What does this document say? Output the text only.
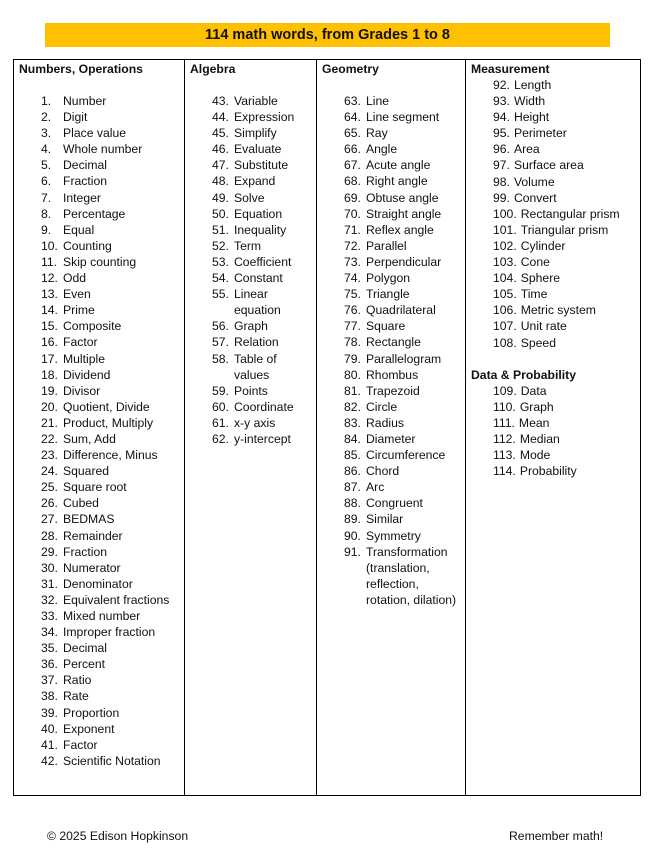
114 math words, from Grades 1 to 8
Numbers, Operations
1. Number
2. Digit
3. Place value
4. Whole number
5. Decimal
6. Fraction
7. Integer
8. Percentage
9. Equal
10. Counting
11. Skip counting
12. Odd
13. Even
14. Prime
15. Composite
16. Factor
17. Multiple
18. Dividend
19. Divisor
20. Quotient, Divide
21. Product, Multiply
22. Sum, Add
23. Difference, Minus
24. Squared
25. Square root
26. Cubed
27. BEDMAS
28. Remainder
29. Fraction
30. Numerator
31. Denominator
32. Equivalent fractions
33. Mixed number
34. Improper fraction
35. Decimal
36. Percent
37. Ratio
38. Rate
39. Proportion
40. Exponent
41. Factor
42. Scientific Notation
Algebra
43. Variable
44. Expression
45. Simplify
46. Evaluate
47. Substitute
48. Expand
49. Solve
50. Equation
51. Inequality
52. Term
53. Coefficient
54. Constant
55. Linear equation
56. Graph
57. Relation
58. Table of values
59. Points
60. Coordinate
61. x-y axis
62. y-intercept
Geometry
63. Line
64. Line segment
65. Ray
66. Angle
67. Acute angle
68. Right angle
69. Obtuse angle
70. Straight angle
71. Reflex angle
72. Parallel
73. Perpendicular
74. Polygon
75. Triangle
76. Quadrilateral
77. Square
78. Rectangle
79. Parallelogram
80. Rhombus
81. Trapezoid
82. Circle
83. Radius
84. Diameter
85. Circumference
86. Chord
87. Arc
88. Congruent
89. Similar
90. Symmetry
91. Transformation (translation, reflection, rotation, dilation)
Measurement
92. Length
93. Width
94. Height
95. Perimeter
96. Area
97. Surface area
98. Volume
99. Convert
100. Rectangular prism
101. Triangular prism
102. Cylinder
103. Cone
104. Sphere
105. Time
106. Metric system
107. Unit rate
108. Speed
Data & Probability
109. Data
110. Graph
111. Mean
112. Median
113. Mode
114. Probability
© 2025 Edison Hopkinson	Remember math!
